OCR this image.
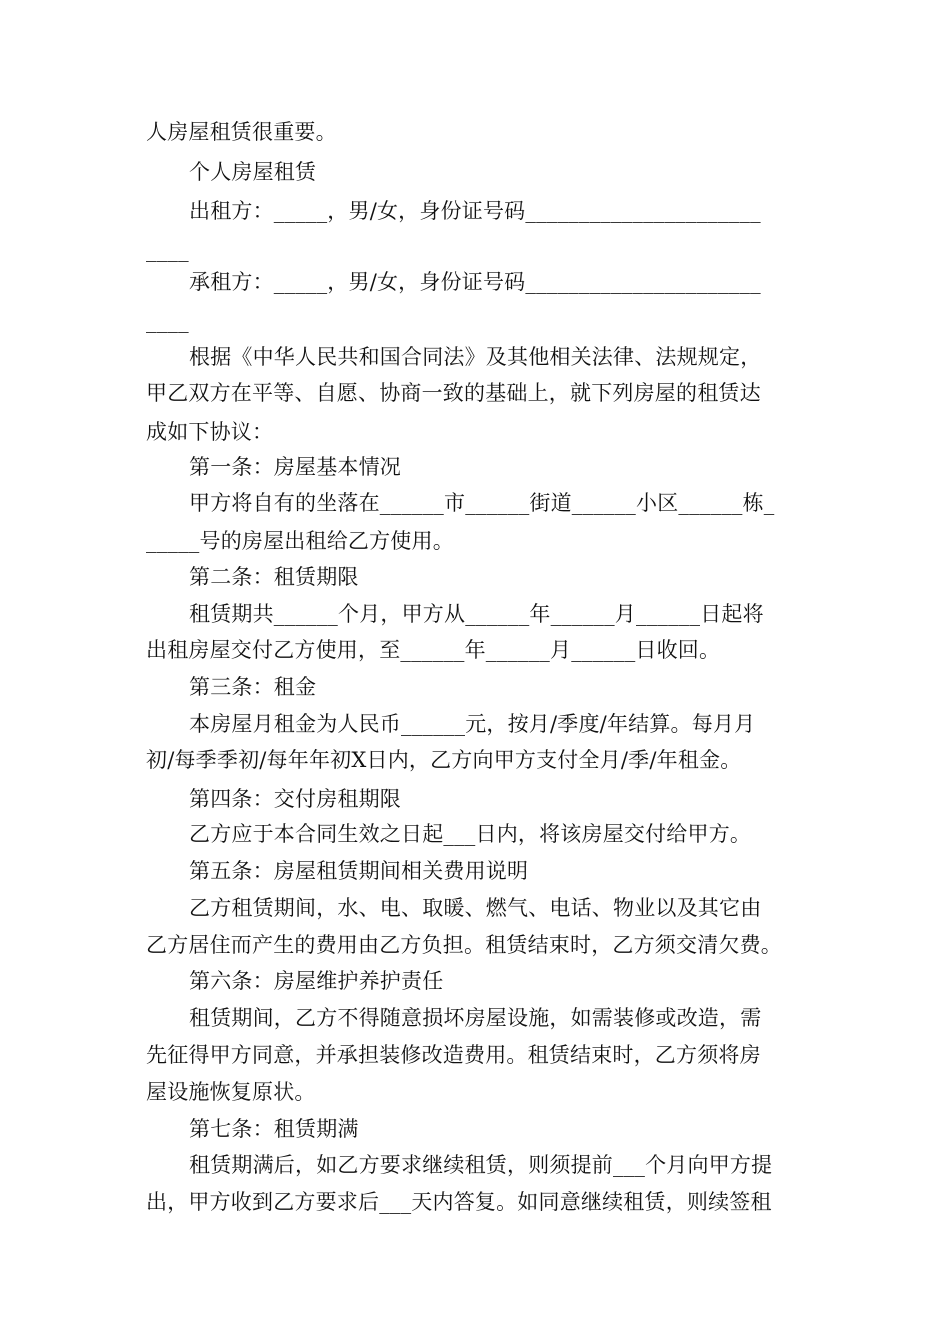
人房屋租赁很重要。
个人房屋租赁
出租方：_____，男/女，身份证号码______________________
____
承租方：_____，男/女，身份证号码______________________
____
根据《中华人民共和国合同法》及其他相关法律、法规规定，
甲乙双方在平等、自愿、协商一致的基础上，就下列房屋的租赁达
成如下协议：
第一条：房屋基本情况
甲方将自有的坐落在______市______街道______小区______栋_
_____号的房屋出租给乙方使用。
第二条：租赁期限
租赁期共______个月，甲方从______年______月______日起将
出租房屋交付乙方使用，至______年______月______日收回。
第三条：租金
本房屋月租金为人民币______元，按月/季度/年结算。每月月
初/每季季初/每年年初X日内，乙方向甲方支付全月/季/年租金。
第四条：交付房租期限
乙方应于本合同生效之日起___日内，将该房屋交付给甲方。
第五条：房屋租赁期间相关费用说明
乙方租赁期间，水、电、取暖、燃气、电话、物业以及其它由
乙方居住而产生的费用由乙方负担。租赁结束时，乙方须交清欠费。
第六条：房屋维护养护责任
租赁期间，乙方不得随意损坏房屋设施，如需装修或改造，需
先征得甲方同意，并承担装修改造费用。租赁结束时，乙方须将房
屋设施恢复原状。
第七条：租赁期满
租赁期满后，如乙方要求继续租赁，则须提前___个月向甲方提
出，甲方收到乙方要求后___天内答复。如同意继续租赁，则续签租
